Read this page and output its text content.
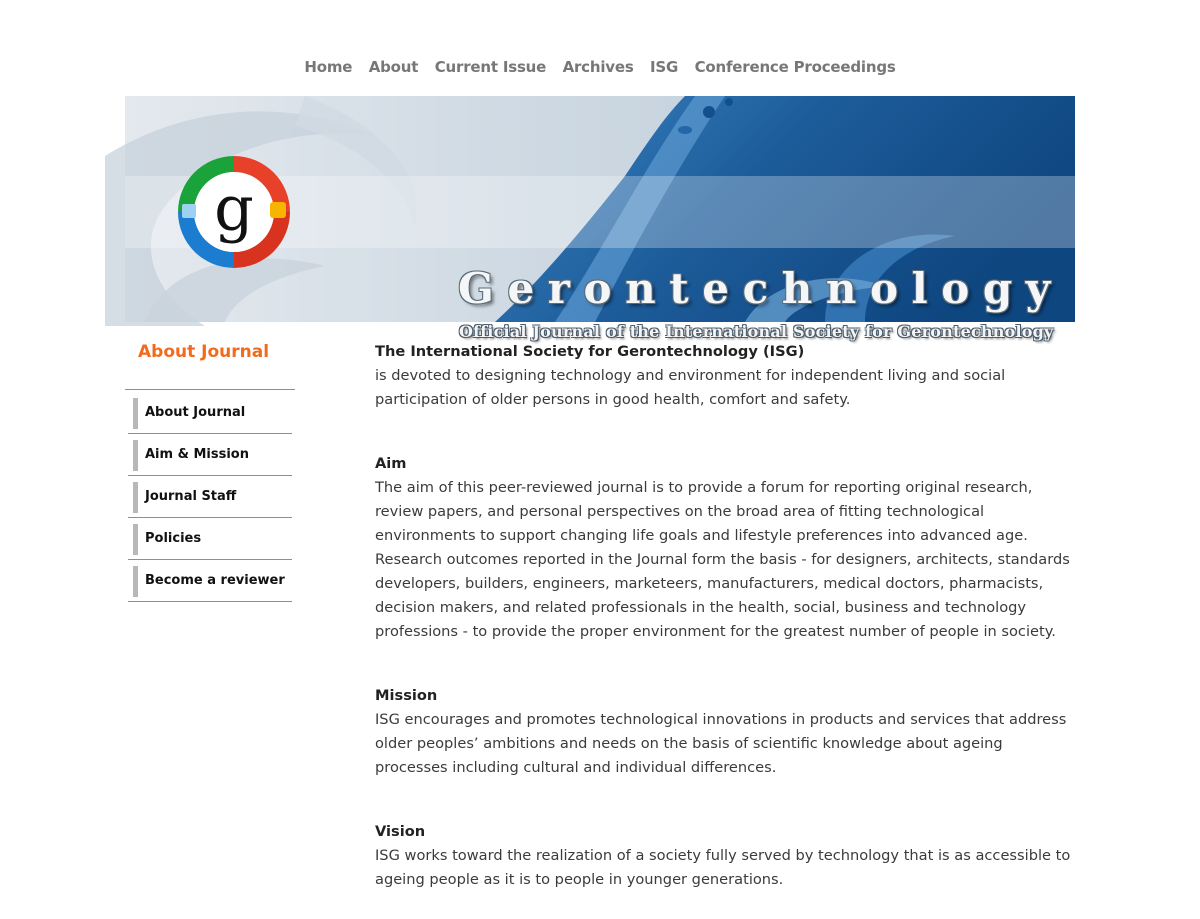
Home About Current Issue Archives ISG Conference Proceedings
g
Gerontechnology
Official Journal of the International Society for Gerontechnology
About Journal
About Journal
Aim & Mission
Journal Staff
Policies
Become a reviewer
The International Society for Gerontechnology (ISG)

is devoted to designing technology and environment for independent living and social participation of older persons in good health, comfort and safety.

Aim

The aim of this peer-reviewed journal is to provide a forum for reporting original research, review papers, and personal perspectives on the broad area of fitting technological environments to support changing life goals and lifestyle preferences into advanced age. Research outcomes reported in the Journal form the basis - for designers, architects, standards developers, builders, engineers, marketeers, manufacturers, medical doctors, pharmacists, decision makers, and related professionals in the health, social, business and technology professions - to provide the proper environment for the greatest number of people in society.

Mission

ISG encourages and promotes technological innovations in products and services that address older peoples’ ambitions and needs on the basis of scientific knowledge about ageing processes including cultural and individual differences.

Vision

ISG works toward the realization of a society fully served by technology that is as accessible to ageing people as it is to people in younger generations.
